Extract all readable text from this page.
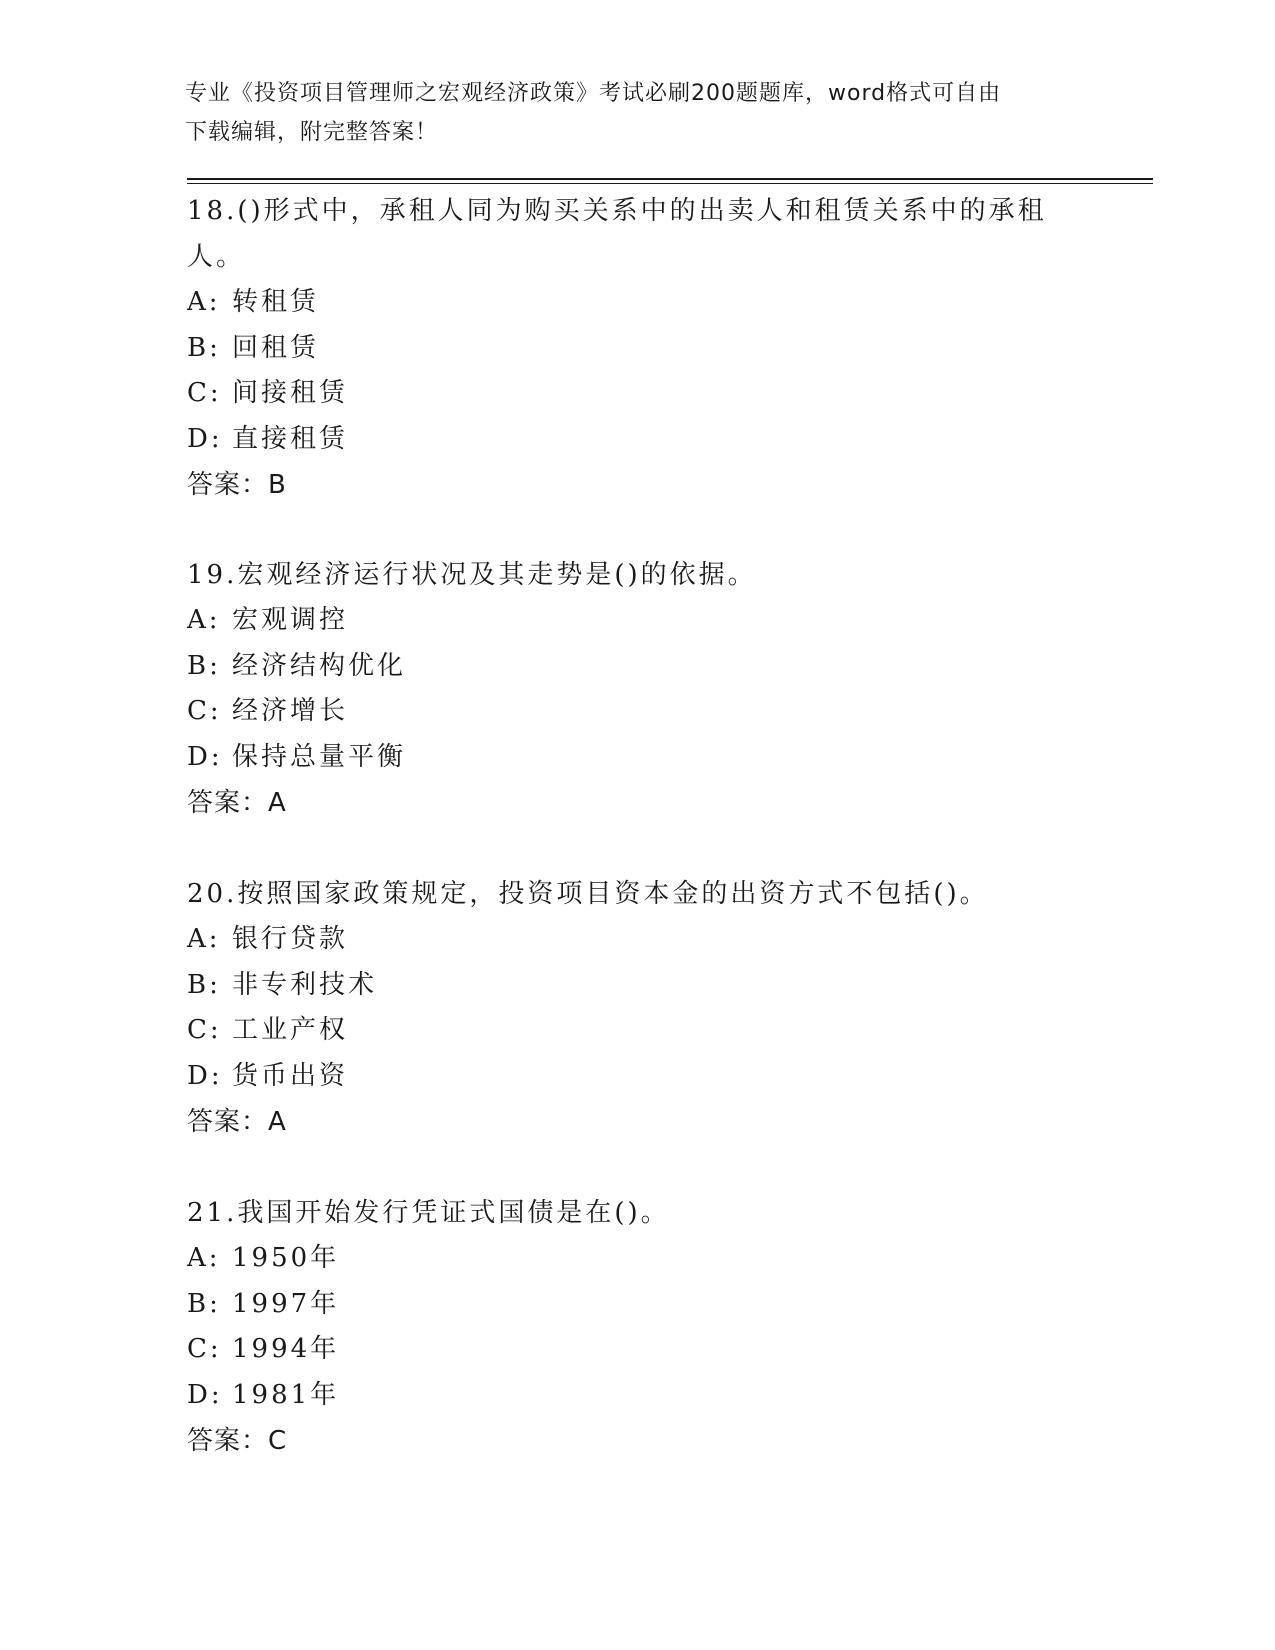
专业《投资项目管理师之宏观经济政策》考试必刷200题题库，word格式可自由
下载编辑，附完整答案！

18.()形式中，承租人同为购买关系中的出卖人和租赁关系中的承租人。

A: 转租赁

B: 回租赁

C: 间接租赁

D: 直接租赁

答案：B

19.宏观经济运行状况及其走势是()的依据。

A: 宏观调控

B: 经济结构优化

C: 经济增长

D: 保持总量平衡

答案：A

20.按照国家政策规定，投资项目资本金的出资方式不包括()。

A: 银行贷款

B: 非专利技术

C: 工业产权

D: 货币出资

答案：A

21.我国开始发行凭证式国债是在()。

A: 1950年

B: 1997年

C: 1994年

D: 1981年

答案：C
